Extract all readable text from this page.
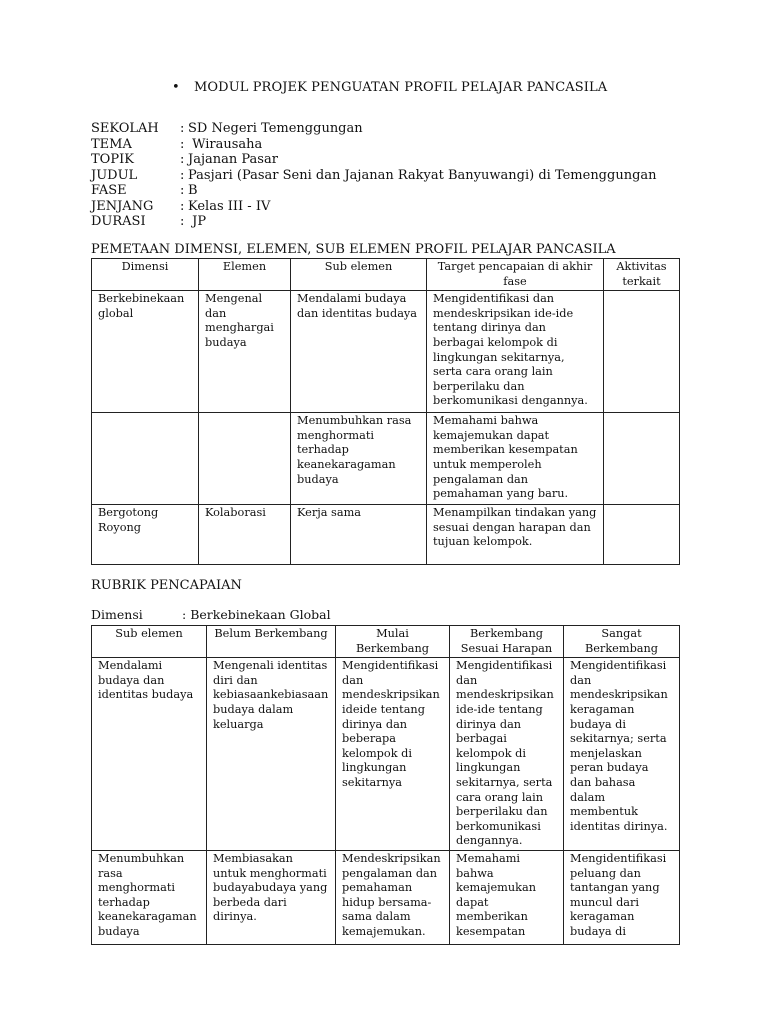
• MODUL PROJEK PENGUATAN PROFIL PELAJAR PANCASILA
SEKOLAH : SD Negeri Temenggungan
TEMA	: Wirausaha
TOPIK	: Jajanan Pasar
JUDUL	: Pasjari (Pasar Seni dan Jajanan Rakyat Banyuwangi) di Temenggungan
FASE	: B
JENJANG : Kelas III - IV
DURASI	: JP
PEMETAAN DIMENSI, ELEMEN, SUB ELEMEN PROFIL PELAJAR PANCASILA
Dimensi	Elemen	Sub elemen	Target pencapaian di akhir fase	Aktivitas terkait
Berkebinekaan global	Mengenal dan menghargai budaya	Mendalami budaya dan identitas budaya	Mengidentifikasi dan mendeskripsikan ide-ide tentang dirinya dan berbagai kelompok di lingkungan sekitarnya, serta cara orang lain berperilaku dan berkomunikasi dengannya.	
		Menumbuhkan rasa menghormati terhadap keanekaragaman budaya	Memahami bahwa kemajemukan dapat memberikan kesempatan untuk memperoleh pengalaman dan pemahaman yang baru.	
Bergotong Royong	Kolaborasi	Kerja sama	Menampilkan tindakan yang sesuai dengan harapan dan tujuan kelompok.	
RUBRIK PENCAPAIAN
Dimensi	: Berkebinekaan Global
Sub elemen	Belum Berkembang	Mulai Berkembang	Berkembang Sesuai Harapan	Sangat Berkembang
Mendalami budaya dan identitas budaya	Mengenali identitas diri dan kebiasaankebiasaan budaya dalam keluarga	Mengidentifikasi dan mendeskripsikan ideide tentang dirinya dan beberapa kelompok di lingkungan sekitarnya	Mengidentifikasi dan mendeskripsikan ide-ide tentang dirinya dan berbagai kelompok di lingkungan sekitarnya, serta cara orang lain berperilaku dan berkomunikasi dengannya.	Mengidentifikasi dan mendeskripsikan keragaman budaya di sekitarnya; serta menjelaskan peran budaya dan bahasa dalam membentuk identitas dirinya.
Menumbuhkan rasa menghormati terhadap keanekaragaman budaya	Membiasakan untuk menghormati budayabudaya yang berbeda dari dirinya.	Mendeskripsikan pengalaman dan pemahaman hidup bersama-sama dalam kemajemukan.	Memahami bahwa kemajemukan dapat memberikan kesempatan	Mengidentifikasi peluang dan tantangan yang muncul dari keragaman budaya di
